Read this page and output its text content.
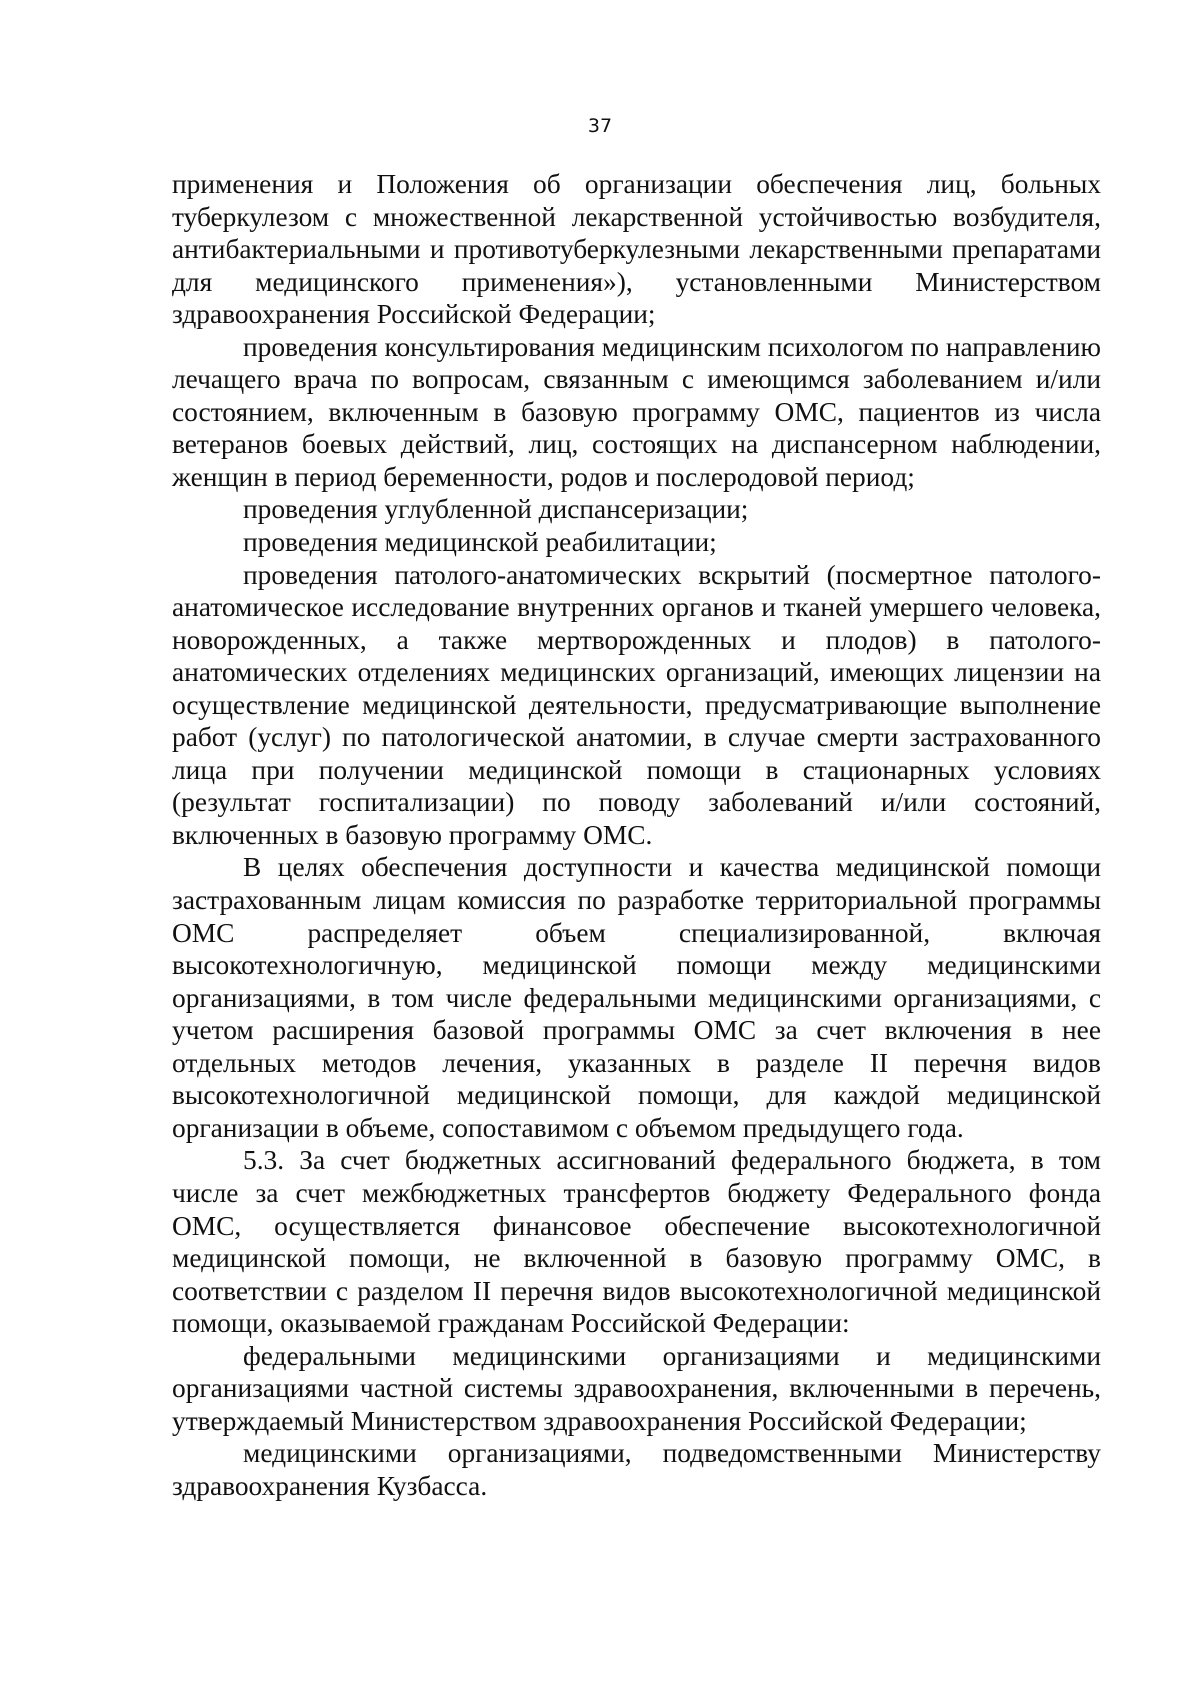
37

применения и Положения об организации обеспечения лиц, больных туберкулезом с множественной лекарственной устойчивостью возбудителя, антибактериальными и противотуберкулезными лекарственными препаратами для медицинского применения»), установленными Министерством здравоохранения Российской Федерации;

проведения консультирования медицинским психологом по направлению лечащего врача по вопросам, связанным с имеющимся заболеванием и/или состоянием, включенным в базовую программу ОМС, пациентов из числа ветеранов боевых действий, лиц, состоящих на диспансерном наблюдении, женщин в период беременности, родов и послеродовой период;

проведения углубленной диспансеризации;

проведения медицинской реабилитации;

проведения патолого-анатомических вскрытий (посмертное патолого-анатомическое исследование внутренних органов и тканей умершего человека, новорожденных, а также мертворожденных и плодов) в патолого-анатомических отделениях медицинских организаций, имеющих лицензии на осуществление медицинской деятельности, предусматривающие выполнение работ (услуг) по патологической анатомии, в случае смерти застрахованного лица при получении медицинской помощи в стационарных условиях (результат госпитализации) по поводу заболеваний и/или состояний, включенных в базовую программу ОМС.

В целях обеспечения доступности и качества медицинской помощи застрахованным лицам комиссия по разработке территориальной программы ОМС распределяет объем специализированной, включая высокотехнологичную, медицинской помощи между медицинскими организациями, в том числе федеральными медицинскими организациями, с учетом расширения базовой программы ОМС за счет включения в нее отдельных методов лечения, указанных в разделе II перечня видов высокотехнологичной медицинской помощи, для каждой медицинской организации в объеме, сопоставимом с объемом предыдущего года.

5.3. За счет бюджетных ассигнований федерального бюджета, в том числе за счет межбюджетных трансфертов бюджету Федерального фонда ОМС, осуществляется финансовое обеспечение высокотехнологичной медицинской помощи, не включенной в базовую программу ОМС, в соответствии с разделом II перечня видов высокотехнологичной медицинской помощи, оказываемой гражданам Российской Федерации:

федеральными медицинскими организациями и медицинскими организациями частной системы здравоохранения, включенными в перечень, утверждаемый Министерством здравоохранения Российской Федерации;

медицинскими организациями, подведомственными Министерству здравоохранения Кузбасса.
